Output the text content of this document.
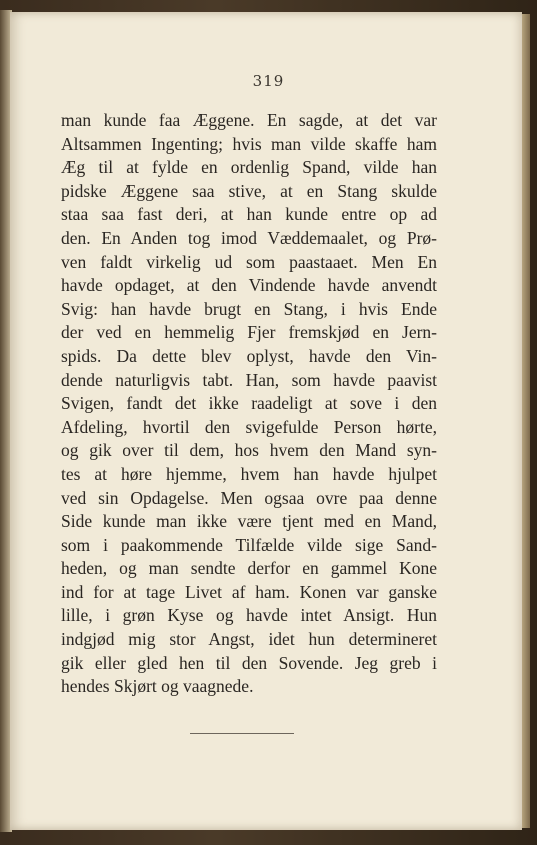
319
man kunde faa Æggene. En sagde, at det var
Altsammen Ingenting; hvis man vilde skaffe ham
Æg til at fylde en ordenlig Spand, vilde han
pidske Æggene saa stive, at en Stang skulde
staa saa fast deri, at han kunde entre op ad
den. En Anden tog imod Væddemaalet, og Prø-
ven faldt virkelig ud som paastaaet. Men En
havde opdaget, at den Vindende havde anvendt
Svig: han havde brugt en Stang, i hvis Ende
der ved en hemmelig Fjer fremskjød en Jern-
spids. Da dette blev oplyst, havde den Vin-
dende naturligvis tabt. Han, som havde paavist
Svigen, fandt det ikke raadeligt at sove i den
Afdeling, hvortil den svigefulde Person hørte,
og gik over til dem, hos hvem den Mand syn-
tes at høre hjemme, hvem han havde hjulpet
ved sin Opdagelse. Men ogsaa ovre paa denne
Side kunde man ikke være tjent med en Mand,
som i paakommende Tilfælde vilde sige Sand-
heden, og man sendte derfor en gammel Kone
ind for at tage Livet af ham. Konen var ganske
lille, i grøn Kyse og havde intet Ansigt. Hun
indgjød mig stor Angst, idet hun determineret
gik eller gled hen til den Sovende. Jeg greb i
hendes Skjørt og vaagnede.
